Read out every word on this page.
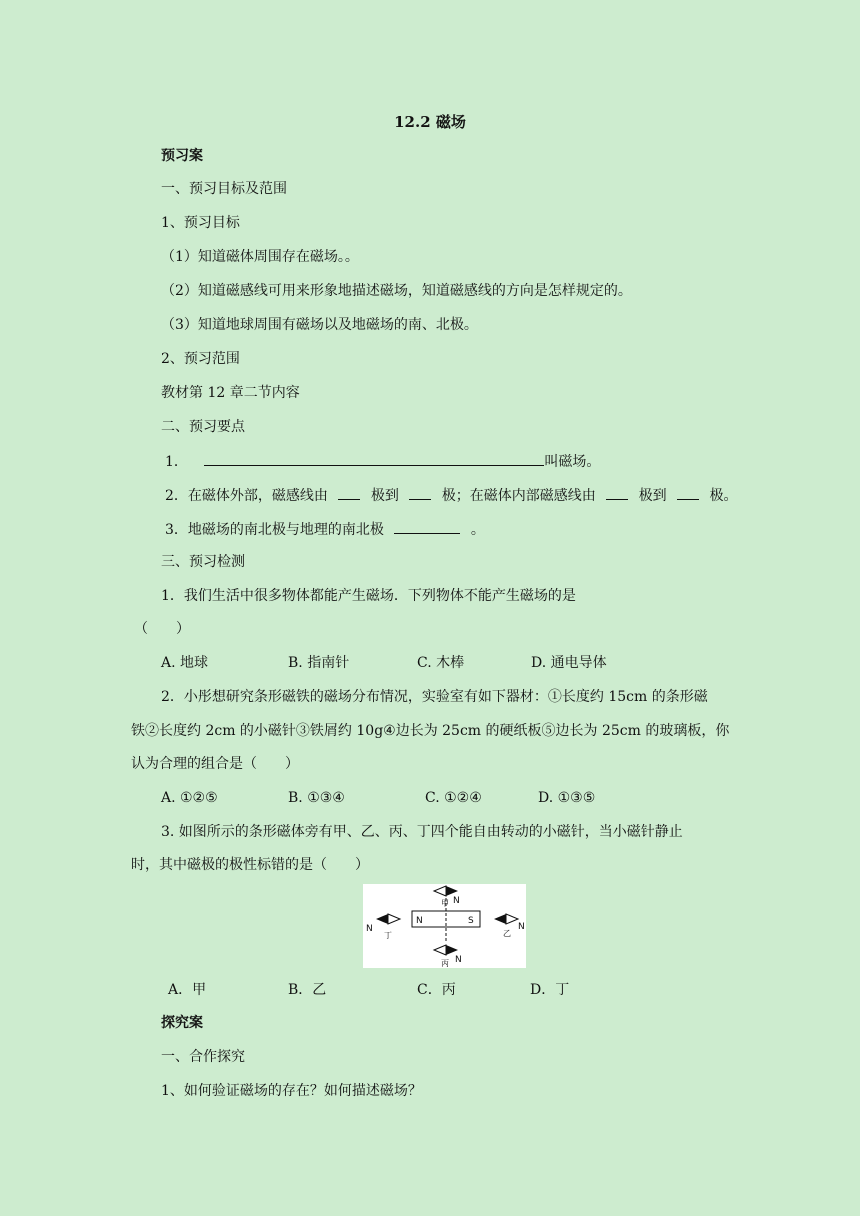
12.2 磁场
预习案
一、预习目标及范围
1、预习目标
（1）知道磁体周围存在磁场。。
（2）知道磁感线可用来形象地描述磁场，知道磁感线的方向是怎样规定的。
（3）知道地球周围有磁场以及地磁场的南、北极。
2、预习范围
教材第 12 章二节内容
二、预习要点
1．	叫磁场。
2．在磁体外部，磁感线由	极到	极；在磁体内部磁感线由	极到	极。
3．地磁场的南北极与地理的南北极	。
三、预习检测
1．我们生活中很多物体都能产生磁场．下列物体不能产生磁场的是
（　　）
A. 地球	B. 指南针	C. 木棒	D. 通电导体
2．小彤想研究条形磁铁的磁场分布情况，实验室有如下器材：①长度约 15cm 的条形磁
铁②长度约 2cm 的小磁针③铁屑约 10g④边长为 25cm 的硬纸板⑤边长为 25cm 的玻璃板，你
认为合理的组合是（　　）
A. ①②⑤	B. ①③④	C. ①②④	D. ①③⑤
3. 如图所示的条形磁体旁有甲、乙、丙、丁四个能自由转动的小磁针，当小磁针静止
时，其中磁极的极性标错的是（　　）
N	S
N
甲
N
丁
N
乙
N
丙
A．甲	B．乙	C．丙	D．丁
探究案
一、合作探究
1、如何验证磁场的存在？如何描述磁场？
